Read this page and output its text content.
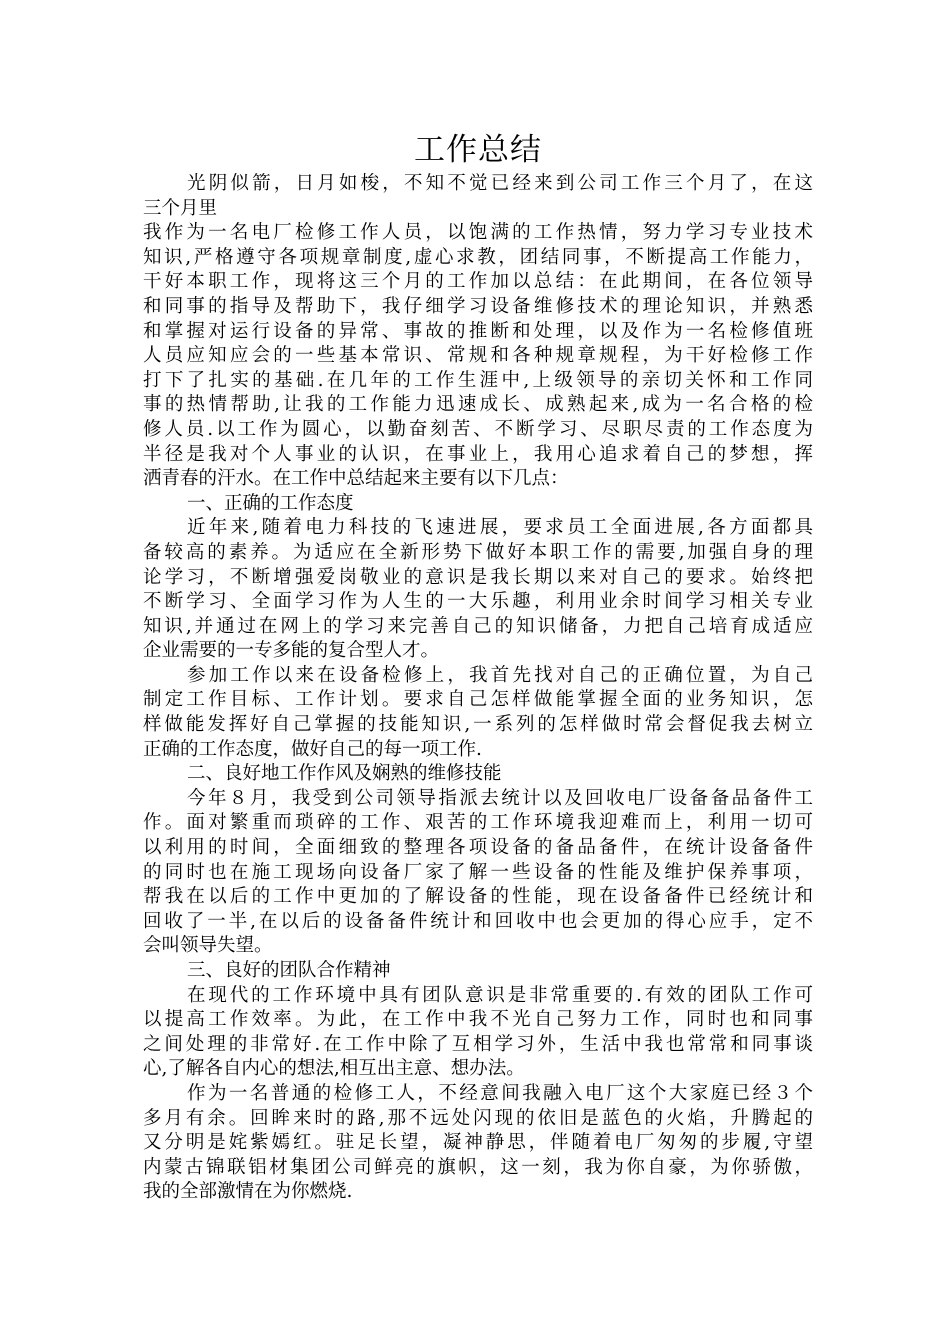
工作总结
光阴似箭，日月如梭，不知不觉已经来到公司工作三个月了，在这
三个月里
我作为一名电厂检修工作人员，以饱满的工作热情，努力学习专业技术
知识,严格遵守各项规章制度,虚心求教，团结同事，不断提高工作能力，
干好本职工作，现将这三个月的工作加以总结：在此期间，在各位领导
和同事的指导及帮助下，我仔细学习设备维修技术的理论知识，并熟悉
和掌握对运行设备的异常、事故的推断和处理，以及作为一名检修值班
人员应知应会的一些基本常识、常规和各种规章规程，为干好检修工作
打下了扎实的基础.在几年的工作生涯中,上级领导的亲切关怀和工作同
事的热情帮助,让我的工作能力迅速成长、成熟起来,成为一名合格的检
修人员.以工作为圆心，以勤奋刻苦、不断学习、尽职尽责的工作态度为
半径是我对个人事业的认识，在事业上，我用心追求着自己的梦想，挥
洒青春的汗水。在工作中总结起来主要有以下几点：
一、正确的工作态度
近年来,随着电力科技的飞速进展，要求员工全面进展,各方面都具
备较高的素养。为适应在全新形势下做好本职工作的需要,加强自身的理
论学习，不断增强爱岗敬业的意识是我长期以来对自己的要求。始终把
不断学习、全面学习作为人生的一大乐趣，利用业余时间学习相关专业
知识,并通过在网上的学习来完善自己的知识储备，力把自己培育成适应
企业需要的一专多能的复合型人才。
参加工作以来在设备检修上，我首先找对自己的正确位置，为自己
制定工作目标、工作计划。要求自己怎样做能掌握全面的业务知识，怎
样做能发挥好自己掌握的技能知识,一系列的怎样做时常会督促我去树立
正确的工作态度，做好自己的每一项工作.
二、良好地工作作风及娴熟的维修技能
今年８月，我受到公司领导指派去统计以及回收电厂设备备品备件工
作。面对繁重而琐碎的工作、艰苦的工作环境我迎难而上，利用一切可
以利用的时间，全面细致的整理各项设备的备品备件，在统计设备备件
的同时也在施工现场向设备厂家了解一些设备的性能及维护保养事项，
帮我在以后的工作中更加的了解设备的性能，现在设备备件已经统计和
回收了一半,在以后的设备备件统计和回收中也会更加的得心应手，定不
会叫领导失望。
三、良好的团队合作精神
在现代的工作环境中具有团队意识是非常重要的.有效的团队工作可
以提高工作效率。为此，在工作中我不光自己努力工作，同时也和同事
之间处理的非常好.在工作中除了互相学习外，生活中我也常常和同事谈
心,了解各自内心的想法,相互出主意、想办法。
作为一名普通的检修工人，不经意间我融入电厂这个大家庭已经３个
多月有余。回眸来时的路,那不远处闪现的依旧是蓝色的火焰，升腾起的
又分明是姹紫嫣红。驻足长望，凝神静思，伴随着电厂匆匆的步履,守望
内蒙古锦联铝材集团公司鲜亮的旗帜，这一刻，我为你自豪，为你骄傲，
我的全部激情在为你燃烧.
